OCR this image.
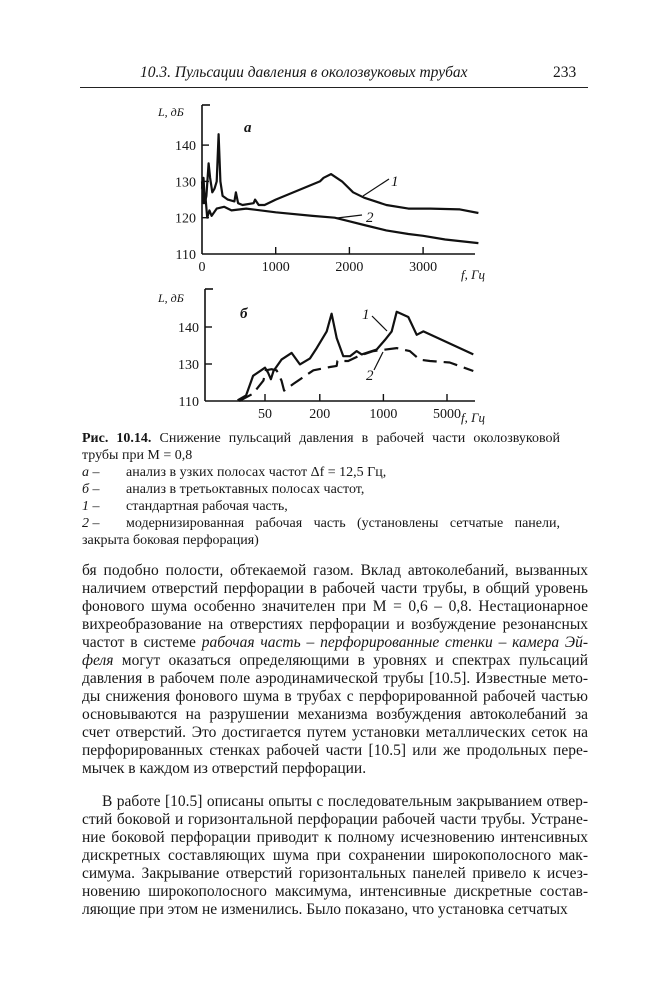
10.3. Пульсации давления в околозвуковых трубах	233
110
120
130
140
0	1000	2000	3000
L, дБ
f, Гц
а
1
2
110
130
140
50	200	1000	5000
L, дБ
f, Гц
б	1
2
Рис. 10.14. Снижение пульсаций давления в рабочей части околозвуковой
трубы при M = 0,8
а –	анализ в узких полосах частот Δf = 12,5 Гц,
б –	анализ в третьоктавных полосах частот,
1 –	стандартная рабочая часть,
2 –	модернизированная рабочая часть (установлены сетчатые панели,
закрыта боковая перфорация)
бя подобно полости, обтекаемой газом. Вклад автоколебаний, вызванных
наличием отверстий перфорации в рабочей части трубы, в общий уровень
фонового шума особенно значителен при M = 0,6 – 0,8. Нестационарное
вихреобразование на отверстиях перфорации и возбуждение резонансных
частот в системе рабочая часть – перфорированные стенки – камера Эй-
феля могут оказаться определяющими в уровнях и спектрах пульсаций
давления в рабочем поле аэродинамической трубы [10.5]. Известные мето-
ды снижения фонового шума в трубах с перфорированной рабочей частью
основываются на разрушении механизма возбуждения автоколебаний за
счет отверстий. Это достигается путем установки металлических сеток на
перфорированных стенках рабочей части [10.5] или же продольных пере-
мычек в каждом из отверстий перфорации.
В работе [10.5] описаны опыты с последовательным закрыванием отвер-
стий боковой и горизонтальной перфорации рабочей части трубы. Устране-
ние боковой перфорации приводит к полному исчезновению интенсивных
дискретных составляющих шума при сохранении широкополосного мак-
симума. Закрывание отверстий горизонтальных панелей привело к исчез-
новению широкополосного максимума, интенсивные дискретные состав-
ляющие при этом не изменились. Было показано, что установка сетчатых
